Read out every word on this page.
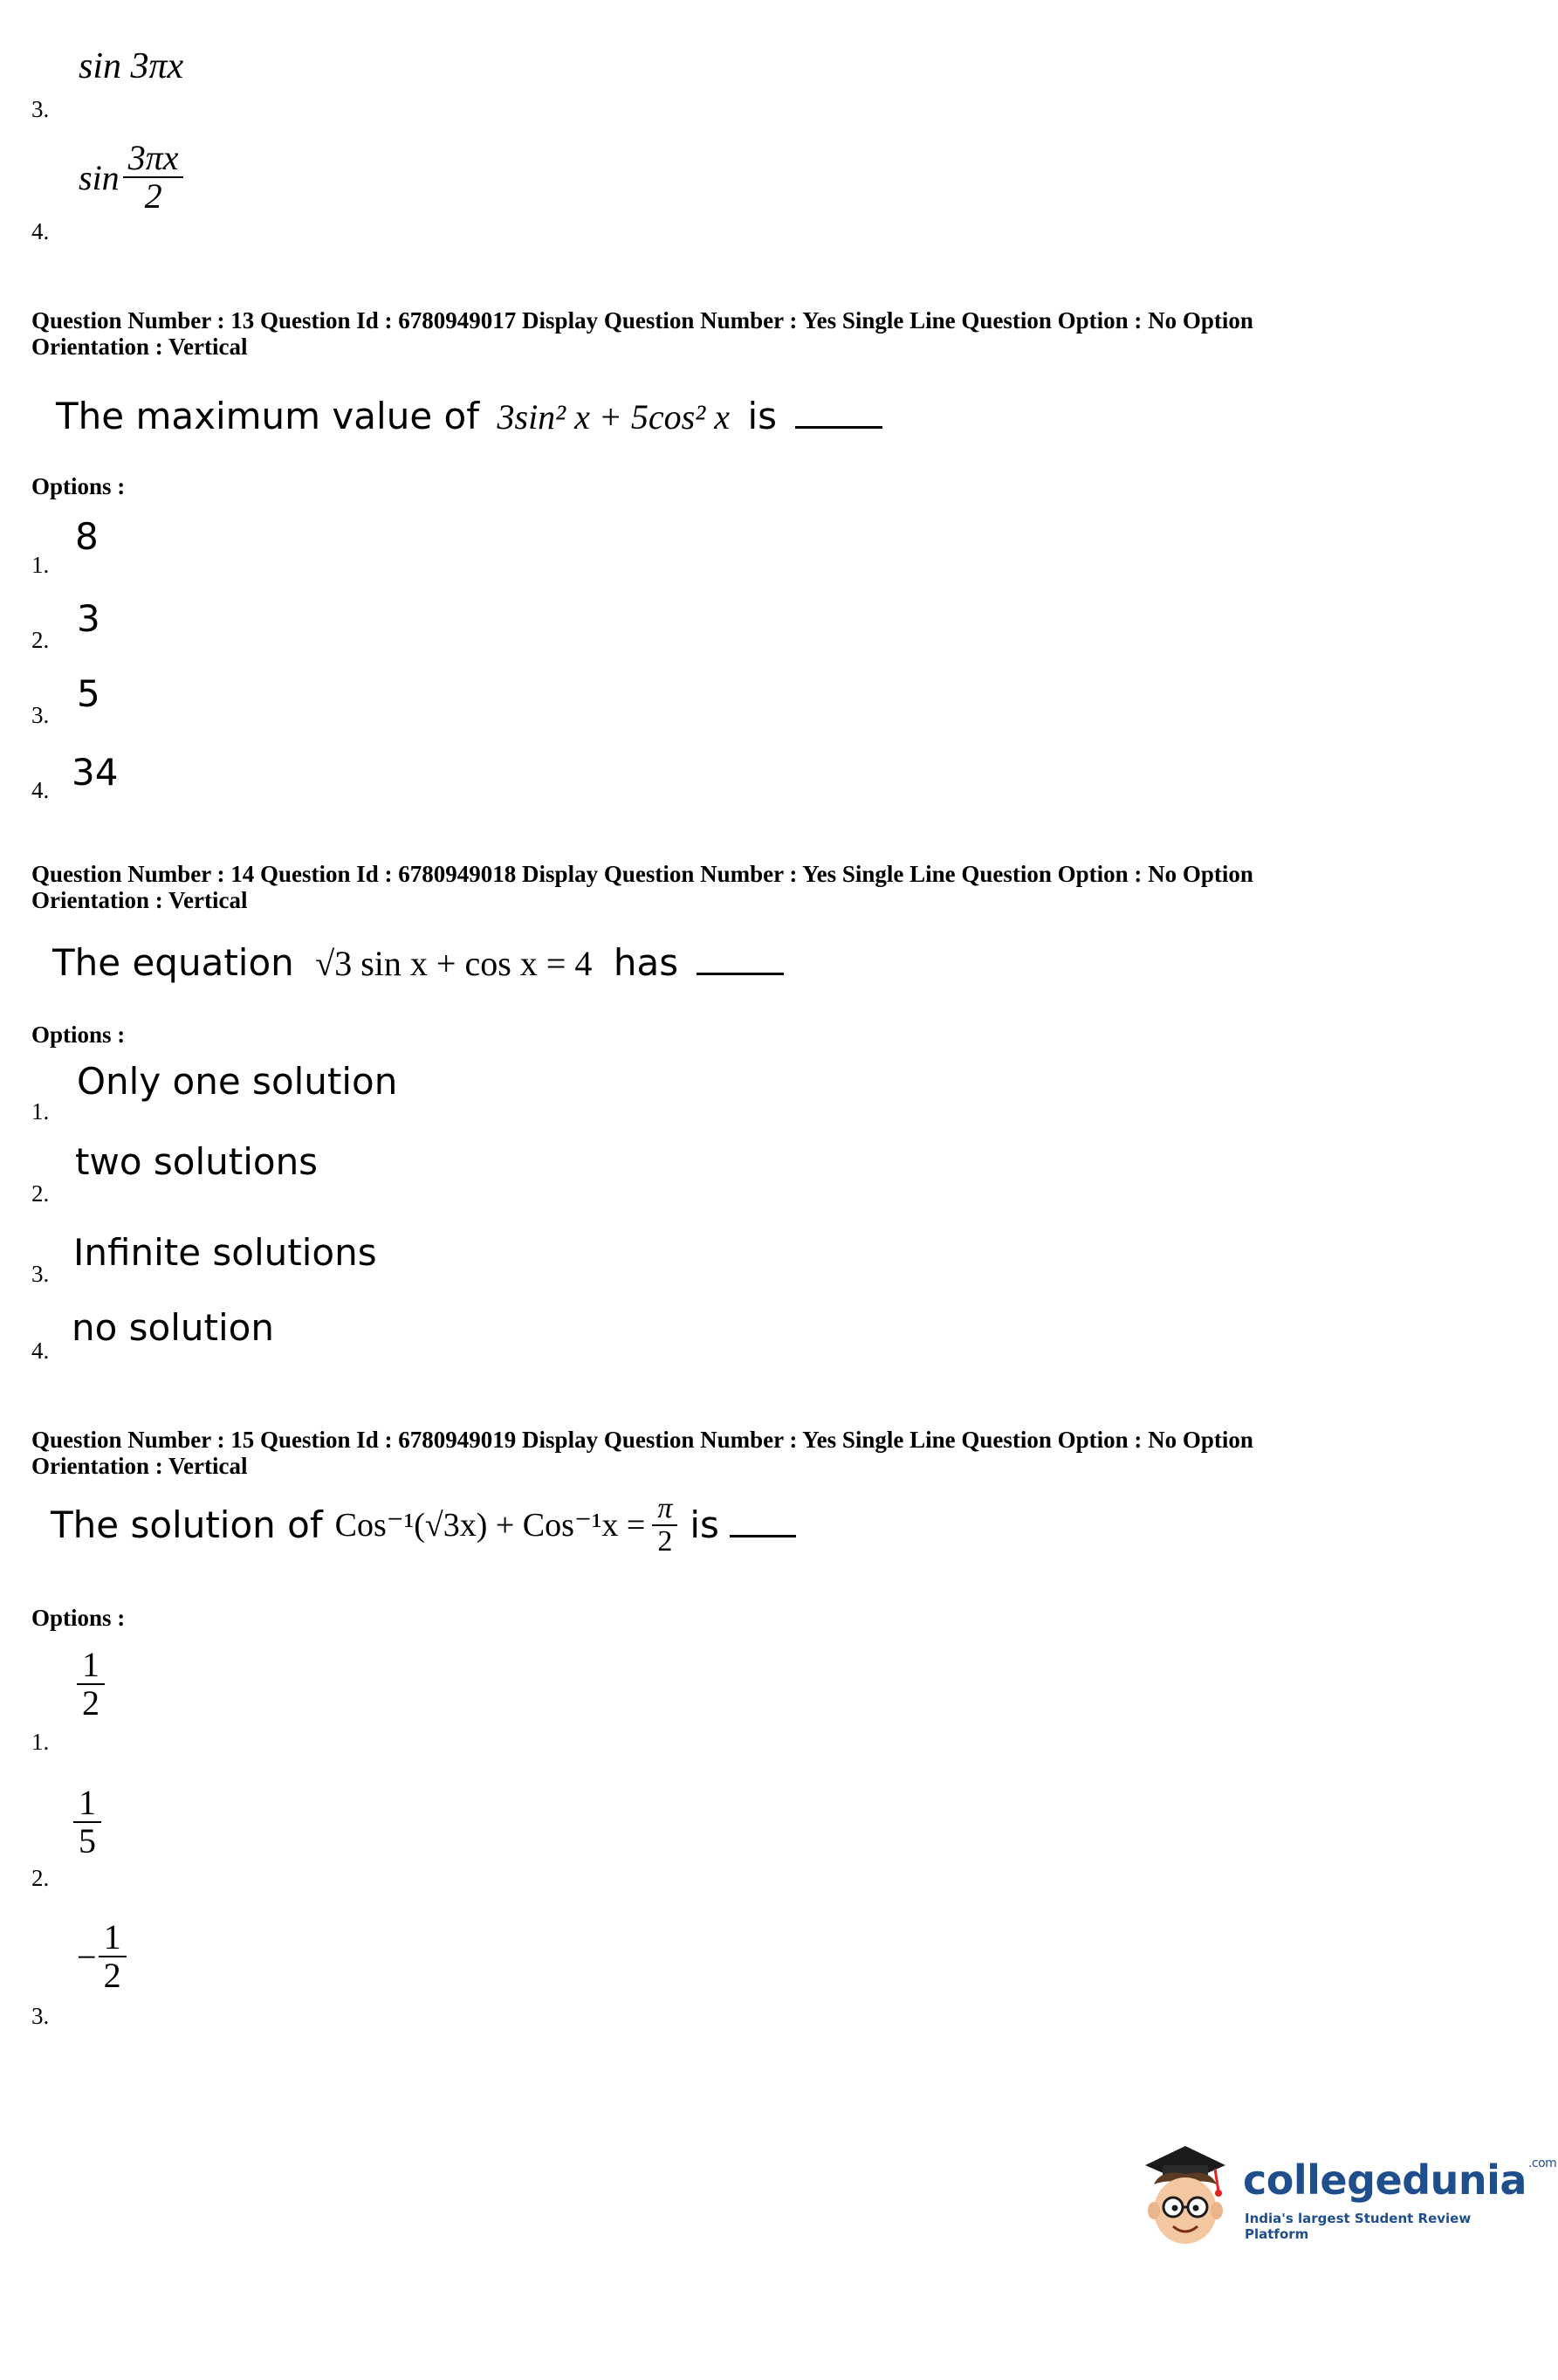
sin 3πx
3.
$\sin \frac{3\pi x}{2}$
4.
Question Number : 13 Question Id : 6780949017 Display Question Number : Yes Single Line Question Option : No Option
Orientation : Vertical
The maximum value of 3sin² x + 5cos² x is
Options :
8
1.
3
2.
5
3.
34
4.
Question Number : 14 Question Id : 6780949018 Display Question Number : Yes Single Line Question Option : No Option
Orientation : Vertical
The equation √3 sin x + cos x = 4 has
Options :
Only one solution
1.
two solutions
2.
Infinite solutions
3.
no solution
4.
Question Number : 15 Question Id : 6780949019 Display Question Number : Yes Single Line Question Option : No Option
Orientation : Vertical
The solution of $Cos^{-1}(√3x) + Cos^{-1}x = \frac{\pi}{2}$ is
Options :
$\frac{1}{2}$
1.
$\frac{1}{5}$
2.
− $\frac{1}{2}$
3.
collegedunia $^{.com}$
India's largest Student Review Platform
